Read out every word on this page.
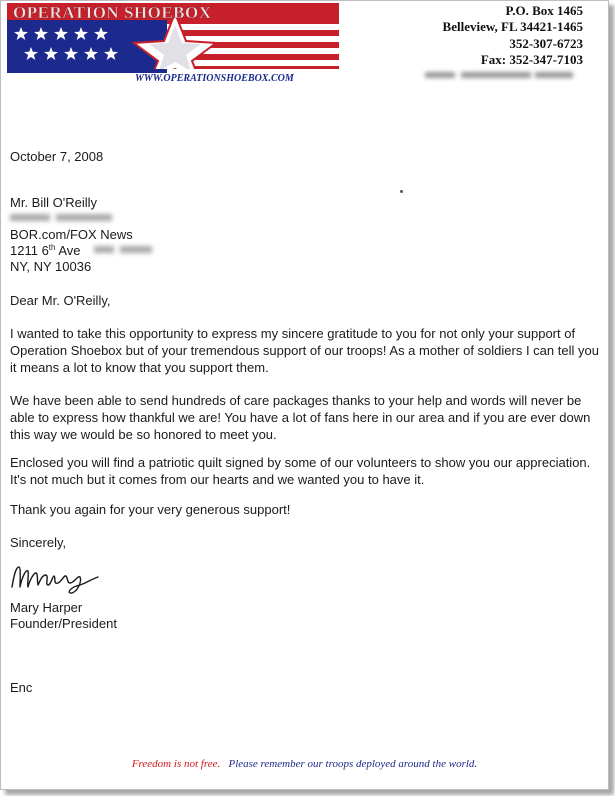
OPERATION SHOEBOX
WWW.OPERATIONSHOEBOX.COM
P.O. Box 1465
Belleview, FL 34421-1465
352-307-6723
Fax: 352-347-7103
October 7, 2008
Mr. Bill O'Reilly
BOR.com/FOX News
1211 6th Ave
NY, NY 10036
Dear Mr. O'Reilly,
I wanted to take this opportunity to express my sincere gratitude to you for not only your support of Operation Shoebox but of your tremendous support of our troops! As a mother of soldiers I can tell you it means a lot to know that you support them.
We have been able to send hundreds of care packages thanks to your help and words will never be able to express how thankful we are! You have a lot of fans here in our area and if you are ever down this way we would be so honored to meet you.
Enclosed you will find a patriotic quilt signed by some of our volunteers to show you our appreciation. It's not much but it comes from our hearts and we wanted you to have it.
Thank you again for your very generous support!
Sincerely,
Mary Harper
Founder/President
Enc
Freedom is not free. Please remember our troops deployed around the world.
